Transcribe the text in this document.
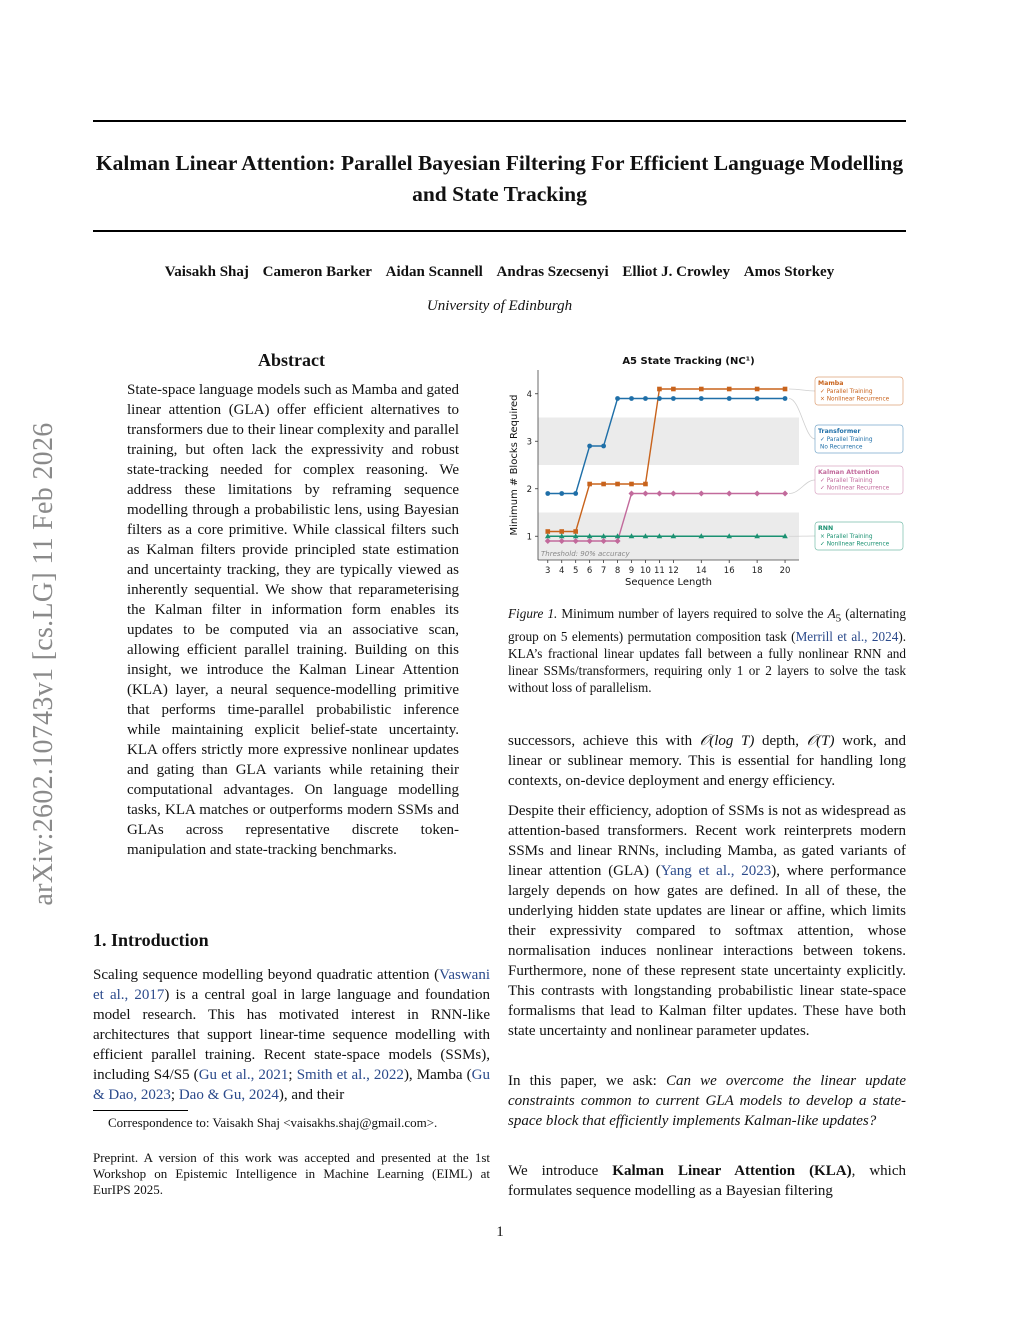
Kalman Linear Attention: Parallel Bayesian Filtering For Efficient Language Modelling and State Tracking
Vaisakh Shaj Cameron Barker Aidan Scannell Andras Szecsenyi Elliot J. Crowley Amos Storkey
University of Edinburgh
arXiv:2602.10743v1 [cs.LG] 11 Feb 2026
Abstract
State-space language models such as Mamba and gated linear attention (GLA) offer efficient alternatives to transformers due to their linear complexity and parallel training, but often lack the expressivity and robust state-tracking needed for complex reasoning. We address these limitations by reframing sequence modelling through a probabilistic lens, using Bayesian filters as a core primitive. While classical filters such as Kalman filters provide principled state estimation and uncertainty tracking, they are typically viewed as inherently sequential. We show that reparameterising the Kalman filter in information form enables its updates to be computed via an associative scan, allowing efficient parallel training. Building on this insight, we introduce the Kalman Linear Attention (KLA) layer, a neural sequence-modelling primitive that performs time-parallel probabilistic inference while maintaining explicit belief-state uncertainty. KLA offers strictly more expressive nonlinear updates and gating than GLA variants while retaining their computational advantages. On language modelling tasks, KLA matches or outperforms modern SSMs and GLAs across representative discrete token-manipulation and state-tracking benchmarks.
1. Introduction
Scaling sequence modelling beyond quadratic attention (Vaswani et al., 2017) is a central goal in large language and foundation model research. This has motivated interest in RNN-like architectures that support linear-time sequence modelling with efficient parallel training. Recent state-space models (SSMs), including S4/S5 (Gu et al., 2021; Smith et al., 2022), Mamba (Gu & Dao, 2023; Dao & Gu, 2024), and their
Correspondence to: Vaisakh Shaj <vaisakhs.shaj@gmail.com>.
Preprint. A version of this work was accepted and presented at the 1st Workshop on Epistemic Intelligence in Machine Learning (EIML) at EurIPS 2025.
1
2
3
4
3 4 5 6 7 8 9 10 11 12 14 16 18 20
A5 State Tracking (NC¹)
Sequence Length
Minimum # Blocks Required
Threshold: 90% accuracy
Mamba
✓ Parallel Training
× Nonlinear Recurrence
Transformer
✓ Parallel Training
No Recurrence
Kalman Attention
✓ Parallel Training
✓ Nonlinear Recurrence
RNN
× Parallel Training
✓ Nonlinear Recurrence
Figure 1. Minimum number of layers required to solve the $A_5$ (alternating group on 5 elements) permutation composition task (Merrill et al., 2024). KLA’s fractional linear updates fall between a fully nonlinear RNN and linear SSMs/transformers, requiring only 1 or 2 layers to solve the task without loss of parallelism.
successors, achieve this with 𝒪(log T) depth, 𝒪(T) work, and linear or sublinear memory. This is essential for handling long contexts, on-device deployment and energy efficiency.
Despite their efficiency, adoption of SSMs is not as widespread as attention-based transformers. Recent work reinterprets modern SSMs and linear RNNs, including Mamba, as gated variants of linear attention (GLA) (Yang et al., 2023), where performance largely depends on how gates are defined. In all of these, the underlying hidden state updates are linear or affine, which limits their expressivity compared to softmax attention, whose normalisation induces nonlinear interactions between tokens. Furthermore, none of these represent state uncertainty explicitly. This contrasts with longstanding probabilistic linear state-space formalisms that lead to Kalman filter updates. These have both state uncertainty and nonlinear parameter updates.
In this paper, we ask: Can we overcome the linear update constraints common to current GLA models to develop a state-space block that efficiently implements Kalman-like updates?
We introduce Kalman Linear Attention (KLA), which formulates sequence modelling as a Bayesian filtering
1
